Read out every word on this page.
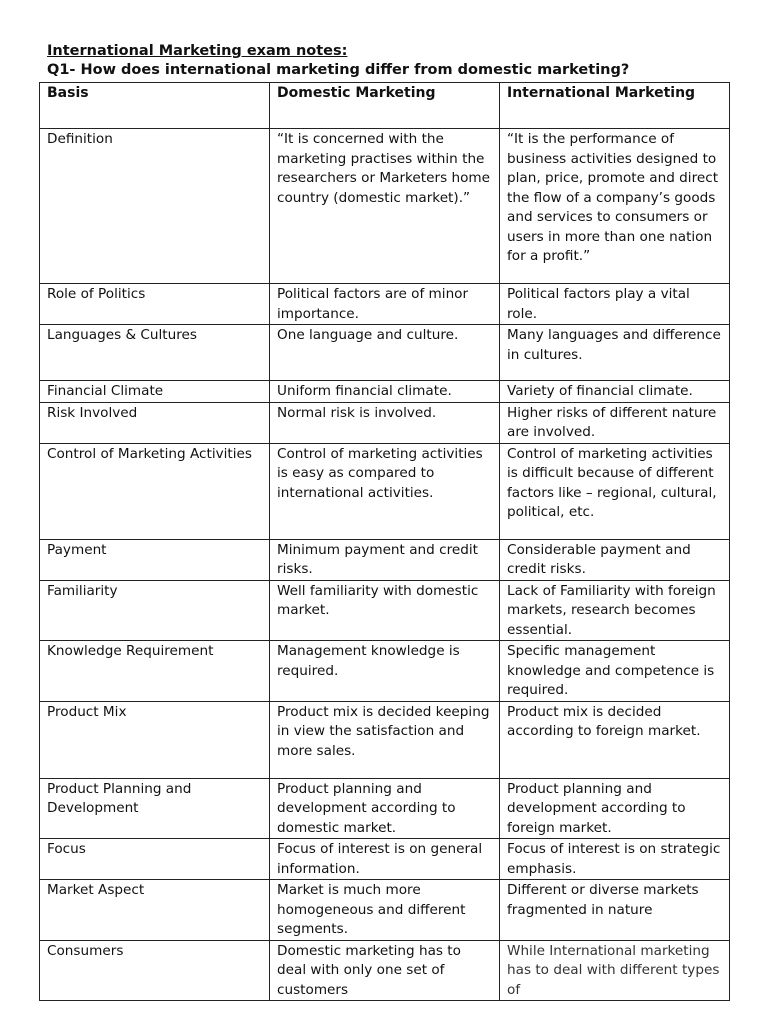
International Marketing exam notes:
Q1- How does international marketing differ from domestic marketing?
Basis	Domestic Marketing	International Marketing
Definition	“It is concerned with the marketing practises within the researchers or Marketers home country (domestic market).”	“It is the performance of business activities designed to plan, price, promote and direct the flow of a company’s goods and services to consumers or users in more than one nation for a profit.”
Role of Politics	Political factors are of minor importance.	Political factors play a vital role.
Languages & Cultures	One language and culture.	Many languages and difference in cultures.
Financial Climate	Uniform financial climate.	Variety of financial climate.
Risk Involved	Normal risk is involved.	Higher risks of different nature are involved.
Control of Marketing Activities	Control of marketing activities is easy as compared to international activities.	Control of marketing activities is difficult because of different factors like – regional, cultural, political, etc.
Payment	Minimum payment and credit risks.	Considerable payment and credit risks.
Familiarity	Well familiarity with domestic market.	Lack of Familiarity with foreign markets, research becomes essential.
Knowledge Requirement	Management knowledge is required.	Specific management knowledge and competence is required.
Product Mix	Product mix is decided keeping in view the satisfaction and more sales.	Product mix is decided according to foreign market.
Product Planning and Development	Product planning and development according to domestic market.	Product planning and development according to foreign market.
Focus	Focus of interest is on general information.	Focus of interest is on strategic emphasis.
Market Aspect	Market is much more homogeneous and different segments.	Different or diverse markets fragmented in nature
Consumers	Domestic marketing has to deal with only one set of customers	While International marketing has to deal with different types of
